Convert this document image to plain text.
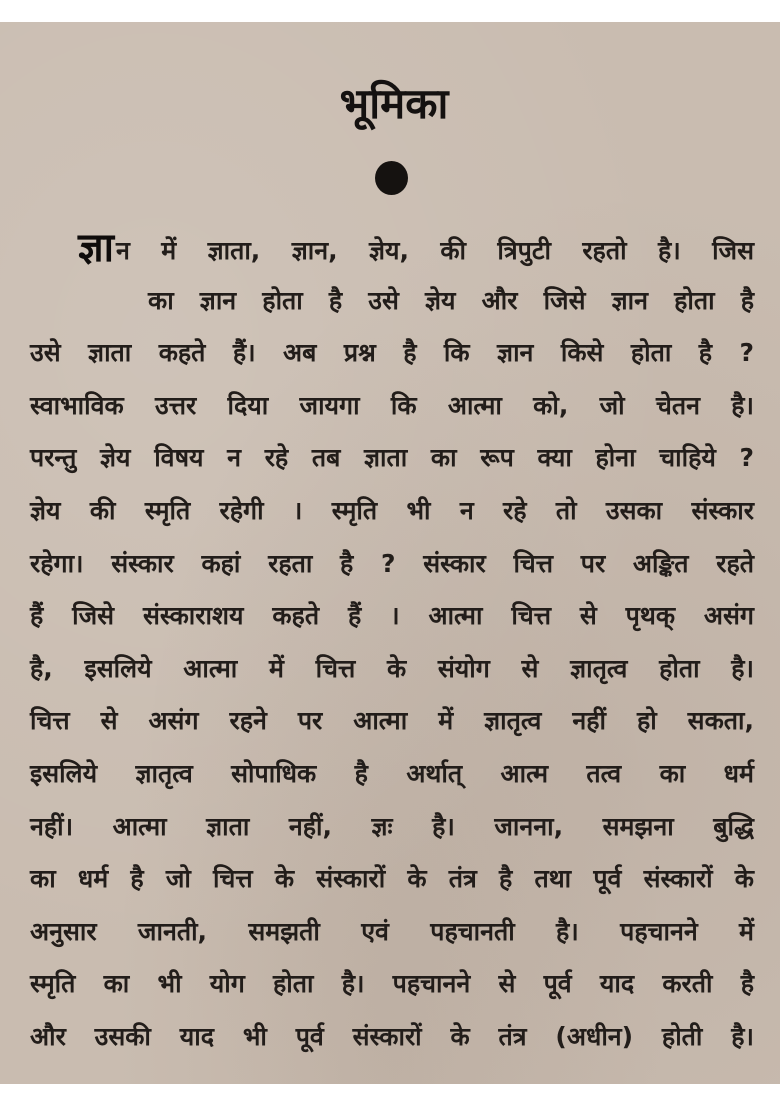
भूमिका
ज्ञान में ज्ञाता, ज्ञान, ज्ञेय, की त्रिपुटी रहतो है। जिस
का ज्ञान होता है उसे ज्ञेय और जिसे ज्ञान होता है
उसे ज्ञाता कहते हैं। अब प्रश्न है कि ज्ञान किसे होता है ?
स्वाभाविक उत्तर दिया जायगा कि आत्मा को, जो चेतन है।
परन्तु ज्ञेय विषय न रहे तब ज्ञाता का रूप क्या होना चाहिये ?
ज्ञेय की स्मृति रहेगी । स्मृति भी न रहे तो उसका संस्कार
रहेगा। संस्कार कहां रहता है ? संस्कार चित्त पर अङ्कित रहते
हैं जिसे संस्काराशय कहते हैं । आत्मा चित्त से पृथक् असंग
है, इसलिये आत्मा में चित्त के संयोग से ज्ञातृत्व होता है।
चित्त से असंग रहने पर आत्मा में ज्ञातृत्व नहीं हो सकता,
इसलिये ज्ञातृत्व सोपाधिक है अर्थात् आत्म तत्व का धर्म
नहीं। आत्मा ज्ञाता नहीं, ज्ञः है। जानना, समझना बुद्धि
का धर्म है जो चित्त के संस्कारों के तंत्र है तथा पूर्व संस्कारों के
अनुसार जानती, समझती एवं पहचानती है। पहचानने में
स्मृति का भी योग होता है। पहचानने से पूर्व याद करती है
और उसकी याद भी पूर्व संस्कारों के तंत्र (अधीन) होती है।
